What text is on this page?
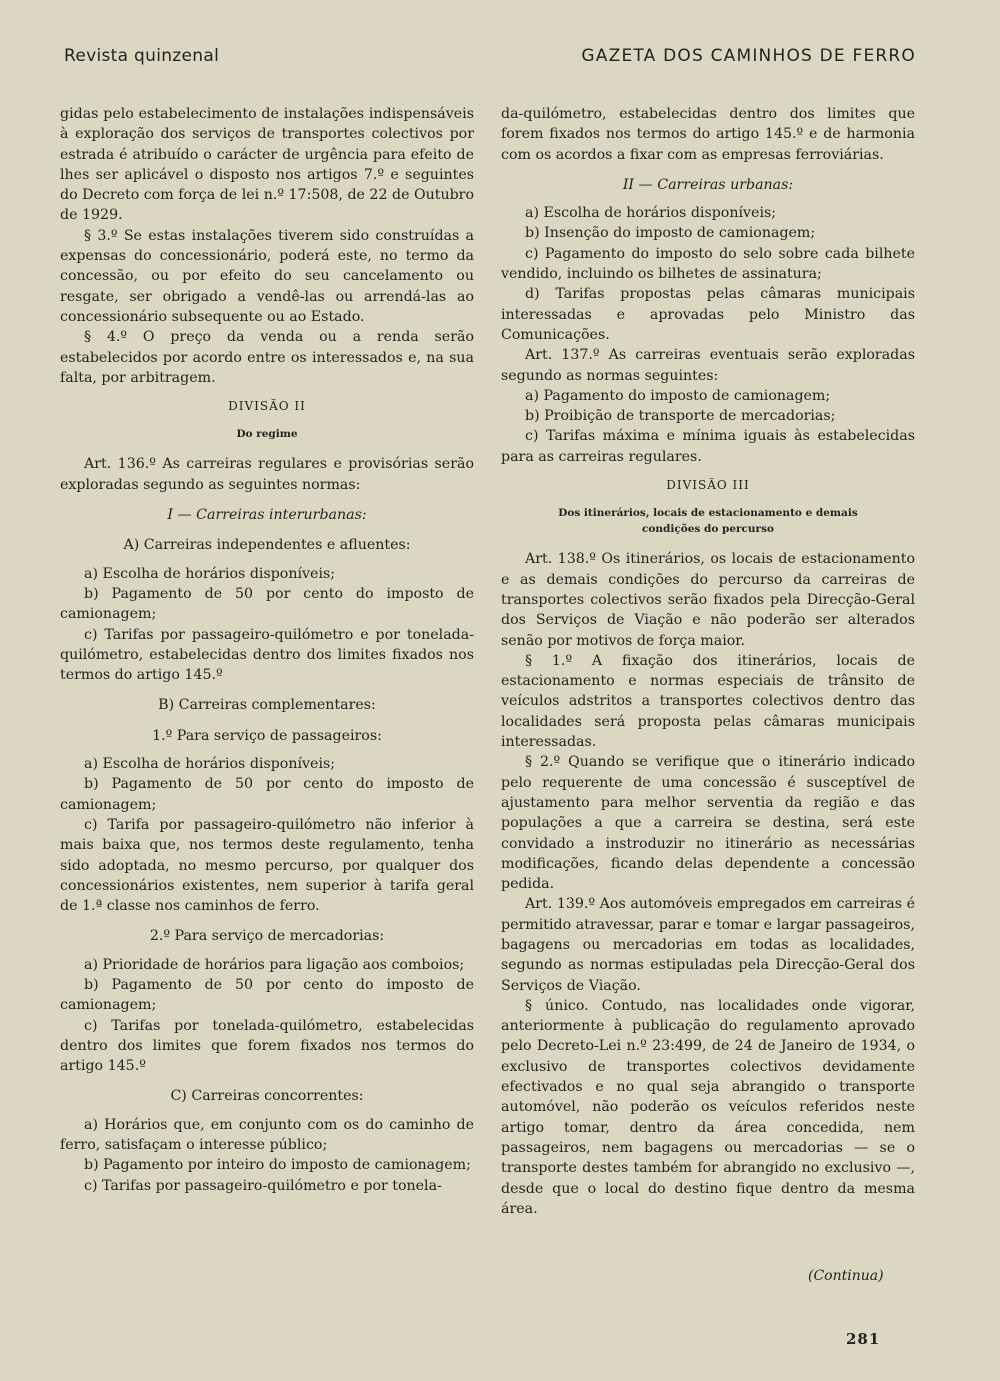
Revista quinzenal	GAZETA DOS CAMINHOS DE FERRO

gidas pelo estabelecimento de instalações indispensáveis à exploração dos serviços de transportes colectivos por estrada é atribuído o carácter de urgência para efeito de lhes ser aplicável o disposto nos artigos 7.º e seguintes do Decreto com força de lei n.º 17:508, de 22 de Outubro de 1929.

§ 3.º Se estas instalações tiverem sido construídas a expensas do concessionário, poderá este, no termo da concessão, ou por efeito do seu cancelamento ou resgate, ser obrigado a vendê-las ou arrendá-las ao concessionário subsequente ou ao Estado.

§ 4.º O preço da venda ou a renda serão estabelecidos por acordo entre os interessados e, na sua falta, por arbitragem.

DIVISÃO II
Do regime

Art. 136.º As carreiras regulares e provisórias serão exploradas segundo as seguintes normas:

I — Carreiras interurbanas:

A) Carreiras independentes e afluentes:

a) Escolha de horários disponíveis;

b) Pagamento de 50 por cento do imposto de camionagem;

c) Tarifas por passageiro-quilómetro e por tonelada-quilómetro, estabelecidas dentro dos limites fixados nos termos do artigo 145.º

B) Carreiras complementares:

1.º Para serviço de passageiros:

a) Escolha de horários disponíveis;

b) Pagamento de 50 por cento do imposto de camionagem;

c) Tarifa por passageiro-quilómetro não inferior à mais baixa que, nos termos deste regulamento, tenha sido adoptada, no mesmo percurso, por qualquer dos concessionários existentes, nem superior à tarifa geral de 1.ª classe nos caminhos de ferro.

2.º Para serviço de mercadorias:

a) Prioridade de horários para ligação aos comboios;

b) Pagamento de 50 por cento do imposto de camionagem;

c) Tarifas por tonelada-quilómetro, estabelecidas dentro dos limites que forem fixados nos termos do artigo 145.º

C) Carreiras concorrentes:

a) Horários que, em conjunto com os do caminho de ferro, satisfaçam o interesse público;

b) Pagamento por inteiro do imposto de camionagem;

c) Tarifas por passageiro-quilómetro e por tonela-

da-quilómetro, estabelecidas dentro dos limites que forem fixados nos termos do artigo 145.º e de harmonia com os acordos a fixar com as empresas ferroviárias.

II — Carreiras urbanas:

a) Escolha de horários disponíveis;

b) Insenção do imposto de camionagem;

c) Pagamento do imposto do selo sobre cada bilhete vendido, incluindo os bilhetes de assinatura;

d) Tarifas propostas pelas câmaras municipais interessadas e aprovadas pelo Ministro das Comunicações.

Art. 137.º As carreiras eventuais serão exploradas segundo as normas seguintes:

a) Pagamento do imposto de camionagem;

b) Proibição de transporte de mercadorias;

c) Tarifas máxima e mínima iguais às estabelecidas para as carreiras regulares.

DIVISÃO III
Dos itinerários, locais de estacionamento e demais condições do percurso

Art. 138.º Os itinerários, os locais de estacionamento e as demais condições do percurso da carreiras de transportes colectivos serão fixados pela Direcção-Geral dos Serviços de Viação e não poderão ser alterados senão por motivos de força maior.

§ 1.º A fixação dos itinerários, locais de estacionamento e normas especiais de trânsito de veículos adstritos a transportes colectivos dentro das localidades será proposta pelas câmaras municipais interessadas.

§ 2.º Quando se verifique que o itinerário indicado pelo requerente de uma concessão é susceptível de ajustamento para melhor serventia da região e das populações a que a carreira se destina, será este convidado a instroduzir no itinerário as necessárias modificações, ficando delas dependente a concessão pedida.

Art. 139.º Aos automóveis empregados em carreiras é permitido atravessar, parar e tomar e largar passageiros, bagagens ou mercadorias em todas as localidades, segundo as normas estipuladas pela Direcção-Geral dos Serviços de Viação.

§ único. Contudo, nas localidades onde vigorar, anteriormente à publicação do regulamento aprovado pelo Decreto-Lei n.º 23:499, de 24 de Janeiro de 1934, o exclusivo de transportes colectivos devidamente efectivados e no qual seja abrangido o transporte automóvel, não poderão os veículos referidos neste artigo tomar, dentro da área concedida, nem passageiros, nem bagagens ou mercadorias — se o transporte destes também for abrangido no exclusivo —, desde que o local do destino fique dentro da mesma área.

(Continua)
281
